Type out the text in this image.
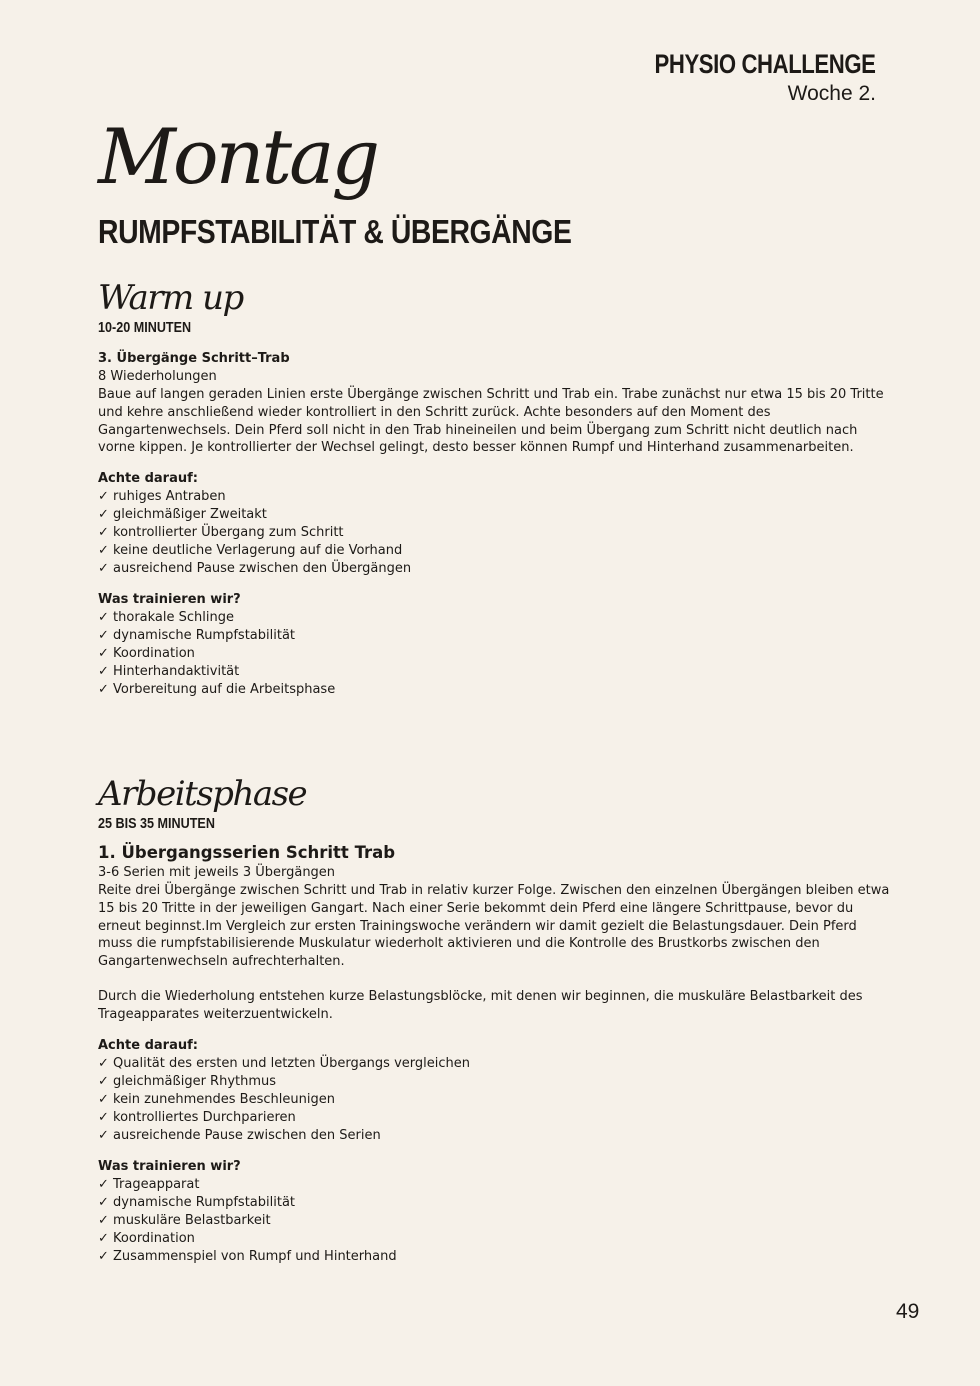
PHYSIO CHALLENGE
Woche 2.
Montag
RUMPFSTABILITÄT & ÜBERGÄNGE
Warm up
10-20 MINUTEN
3. Übergänge Schritt–Trab
8 Wiederholungen
Baue auf langen geraden Linien erste Übergänge zwischen Schritt und Trab ein. Trabe zunächst nur etwa 15 bis 20 Tritte und kehre anschließend wieder kontrolliert in den Schritt zurück. Achte besonders auf den Moment des Gangartenwechsels. Dein Pferd soll nicht in den Trab hineineilen und beim Übergang zum Schritt nicht deutlich nach vorne kippen. Je kontrollierter der Wechsel gelingt, desto besser können Rumpf und Hinterhand zusammenarbeiten.
Achte darauf:
✓ ruhiges Antraben
✓ gleichmäßiger Zweitakt
✓ kontrollierter Übergang zum Schritt
✓ keine deutliche Verlagerung auf die Vorhand
✓ ausreichend Pause zwischen den Übergängen
Was trainieren wir?
✓ thorakale Schlinge
✓ dynamische Rumpfstabilität
✓ Koordination
✓ Hinterhandaktivität
✓ Vorbereitung auf die Arbeitsphase
Arbeitsphase
25 BIS 35 MINUTEN
1. Übergangsserien Schritt Trab
3-6 Serien mit jeweils 3 Übergängen
Reite drei Übergänge zwischen Schritt und Trab in relativ kurzer Folge. Zwischen den einzelnen Übergängen bleiben etwa 15 bis 20 Tritte in der jeweiligen Gangart. Nach einer Serie bekommt dein Pferd eine längere Schrittpause, bevor du erneut beginnst.Im Vergleich zur ersten Trainingswoche verändern wir damit gezielt die Belastungsdauer. Dein Pferd muss die rumpfstabilisierende Muskulatur wiederholt aktivieren und die Kontrolle des Brustkorbs zwischen den Gangartenwechseln aufrechterhalten.
Durch die Wiederholung entstehen kurze Belastungsblöcke, mit denen wir beginnen, die muskuläre Belastbarkeit des Trageapparates weiterzuentwickeln.
Achte darauf:
✓ Qualität des ersten und letzten Übergangs vergleichen
✓ gleichmäßiger Rhythmus
✓ kein zunehmendes Beschleunigen
✓ kontrolliertes Durchparieren
✓ ausreichende Pause zwischen den Serien
Was trainieren wir?
✓ Trageapparat
✓ dynamische Rumpfstabilität
✓ muskuläre Belastbarkeit
✓ Koordination
✓ Zusammenspiel von Rumpf und Hinterhand
49
